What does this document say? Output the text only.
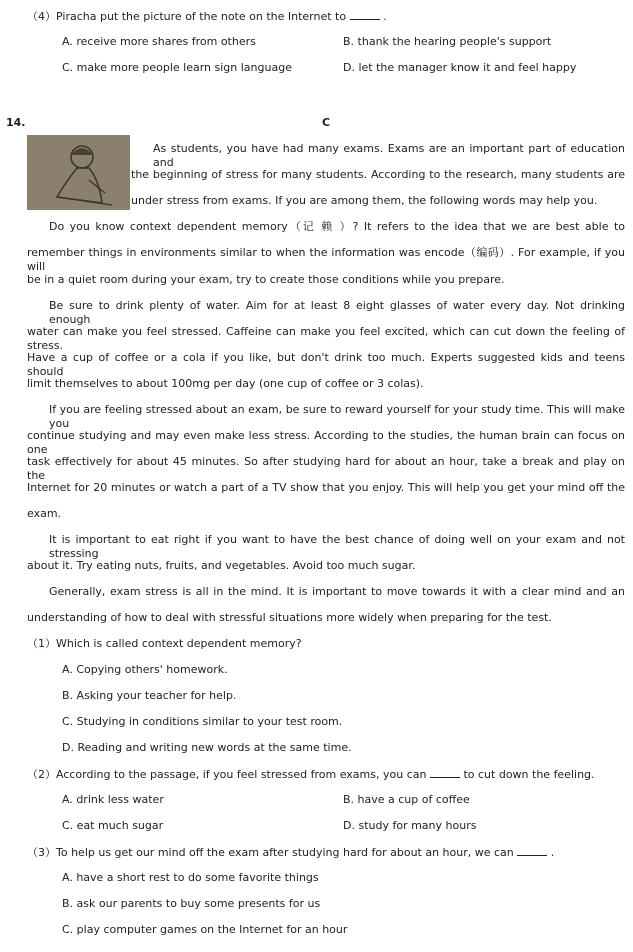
（4）Piracha put the picture of the note on the Internet to	.
A. receive more shares from others	B. thank the hearing people's support
C. make more people learn sign language	D. let the manager know it and feel happy
14.	C
As students, you have had many exams. Exams are an important part of education and
the beginning of stress for many students. According to the research, many students are
under stress from exams. If you are among them, the following words may help you.
Do you know context dependent memory（记 赖 ）? It refers to the idea that we are best able to
remember things in environments similar to when the information was encode（编码）. For example, if you will
be in a quiet room during your exam, try to create those conditions while you prepare.
Be sure to drink plenty of water. Aim for at least 8 eight glasses of water every day. Not drinking enough
water can make you feel stressed. Caffeine can make you feel excited, which can cut down the feeling of stress.
Have a cup of coffee or a cola if you like, but don't drink too much. Experts suggested kids and teens should
limit themselves to about 100mg per day (one cup of coffee or 3 colas).
If you are feeling stressed about an exam, be sure to reward yourself for your study time. This will make you
continue studying and may even make less stress. According to the studies, the human brain can focus on one
task effectively for about 45 minutes. So after studying hard for about an hour, take a break and play on the
Internet for 20 minutes or watch a part of a TV show that you enjoy. This will help you get your mind off the
exam.
It is important to eat right if you want to have the best chance of doing well on your exam and not stressing
about it. Try eating nuts, fruits, and vegetables. Avoid too much sugar.
Generally, exam stress is all in the mind. It is important to move towards it with a clear mind and an
understanding of how to deal with stressful situations more widely when preparing for the test.
（1）Which is called context dependent memory?
A. Copying others' homework.
B. Asking your teacher for help.
C. Studying in conditions similar to your test room.
D. Reading and writing new words at the same time.
（2）According to the passage, if you feel stressed from exams, you can	to cut down the feeling.
A. drink less water	B. have a cup of coffee
C. eat much sugar	D. study for many hours
（3）To help us get our mind off the exam after studying hard for about an hour, we can	.
A. have a short rest to do some favorite things
B. ask our parents to buy some presents for us
C. play computer games on the Internet for an hour
